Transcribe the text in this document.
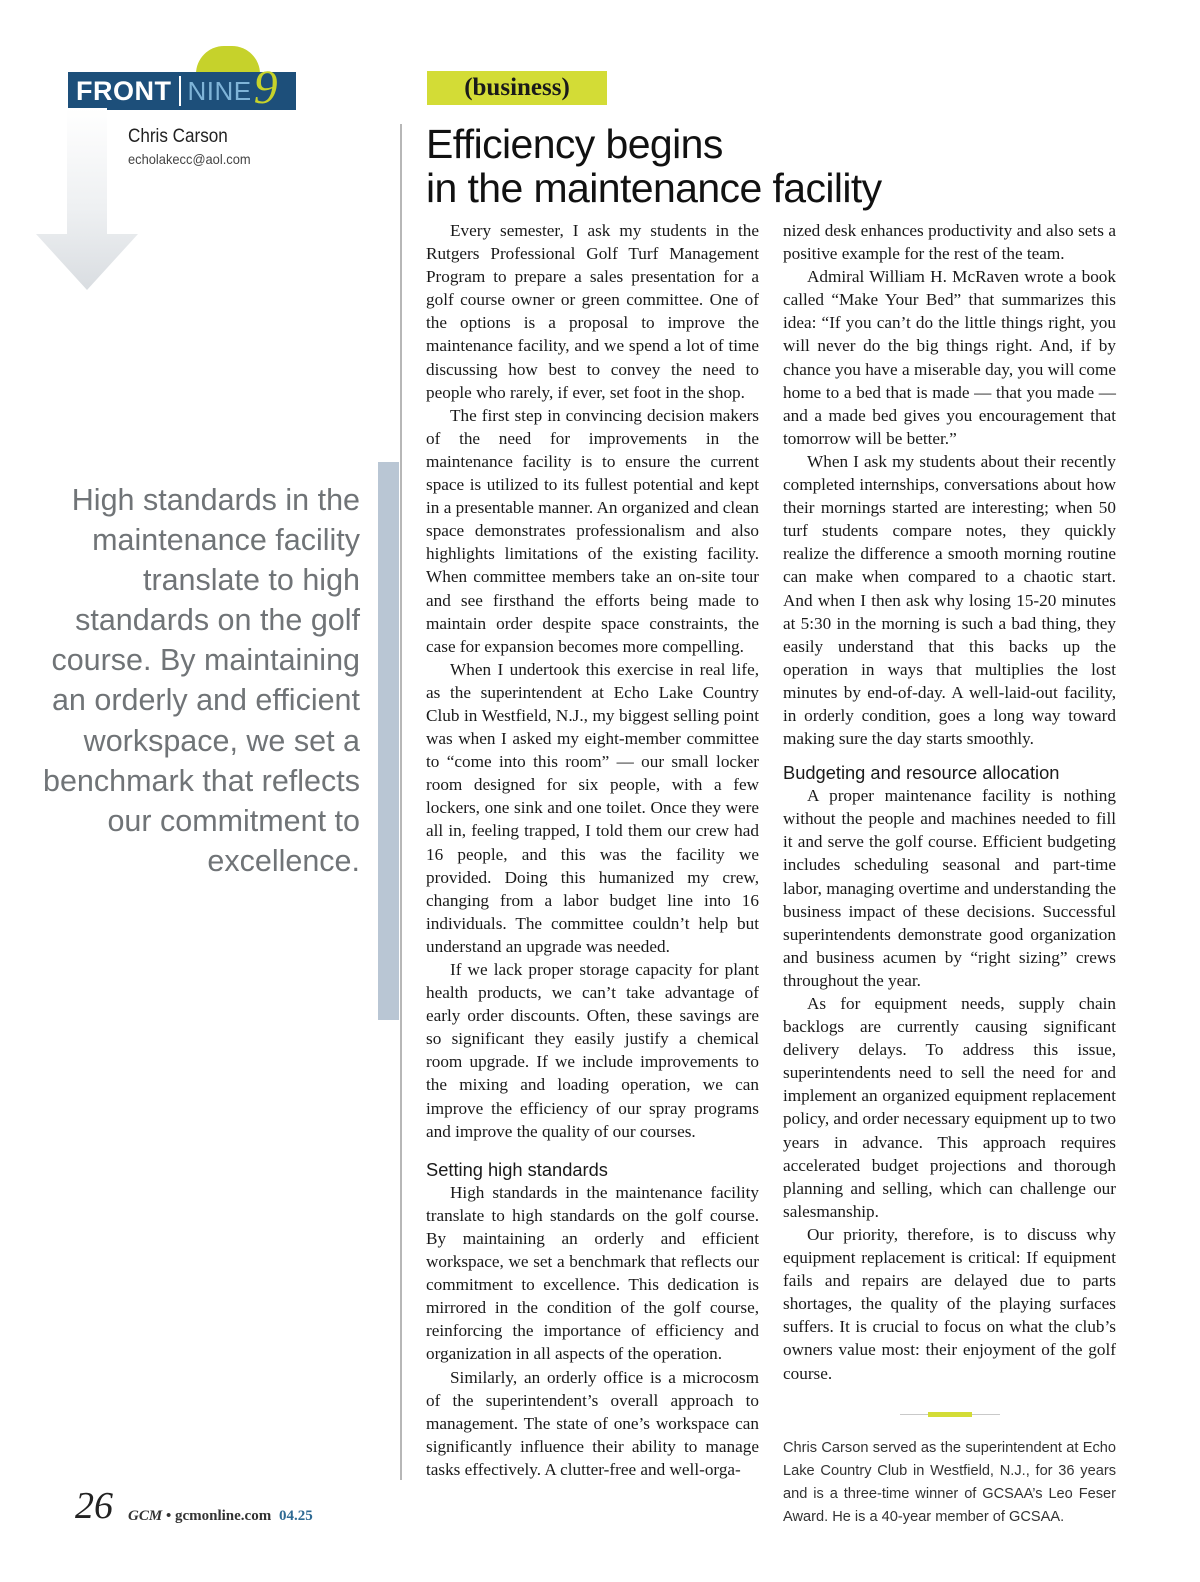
FRONT NINE 9
Chris Carson
echolakecc@aol.com
High standards in the maintenance facility translate to high standards on the golf course. By maintaining an orderly and efficient workspace, we set a benchmark that reflects our commitment to excellence.
(business)
Efficiency begins
in the maintenance facility

Every semester, I ask my students in the Rutgers Professional Golf Turf Management Program to prepare a sales presentation for a golf course owner or green committee. One of the options is a proposal to improve the maintenance facility, and we spend a lot of time discussing how best to convey the need to people who rarely, if ever, set foot in the shop.

The first step in convincing decision makers of the need for improvements in the maintenance facility is to ensure the current space is utilized to its fullest potential and kept in a presentable manner. An organized and clean space demonstrates professionalism and also highlights limitations of the existing facility. When committee members take an on-site tour and see firsthand the efforts being made to maintain order despite space constraints, the case for expansion becomes more compelling.

When I undertook this exercise in real life, as the superintendent at Echo Lake Country Club in Westfield, N.J., my biggest selling point was when I asked my eight-member committee to “come into this room” — our small locker room designed for six people, with a few lockers, one sink and one toilet. Once they were all in, feeling trapped, I told them our crew had 16 people, and this was the facility we provided. Doing this humanized my crew, changing from a labor budget line into 16 individuals. The committee couldn’t help but understand an upgrade was needed.

If we lack proper storage capacity for plant health products, we can’t take advantage of early order discounts. Often, these savings are so significant they easily justify a chemical room upgrade. If we include improvements to the mixing and loading operation, we can improve the efficiency of our spray programs and improve the quality of our courses.

Setting high standards

High standards in the maintenance facility translate to high standards on the golf course. By maintaining an orderly and efficient workspace, we set a benchmark that reflects our commitment to excellence. This dedication is mirrored in the condition of the golf course, reinforcing the importance of efficiency and organization in all aspects of the operation.

Similarly, an orderly office is a microcosm of the superintendent’s overall approach to management. The state of one’s workspace can significantly influence their ability to manage tasks effectively. A clutter-free and well-orga-

nized desk enhances productivity and also sets a positive example for the rest of the team.

Admiral William H. McRaven wrote a book called “Make Your Bed” that summarizes this idea: “If you can’t do the little things right, you will never do the big things right. And, if by chance you have a miserable day, you will come home to a bed that is made — that you made — and a made bed gives you encouragement that tomorrow will be better.”

When I ask my students about their recently completed internships, conversations about how their mornings started are interesting; when 50 turf students compare notes, they quickly realize the difference a smooth morning routine can make when compared to a chaotic start. And when I then ask why losing 15-20 minutes at 5:30 in the morning is such a bad thing, they easily understand that this backs up the operation in ways that multiplies the lost minutes by end-of-day. A well-laid-out facility, in orderly condition, goes a long way toward making sure the day starts smoothly.

Budgeting and resource allocation

A proper maintenance facility is nothing without the people and machines needed to fill it and serve the golf course. Efficient budgeting includes scheduling seasonal and part-time labor, managing overtime and understanding the business impact of these decisions. Successful superintendents demonstrate good organization and business acumen by “right sizing” crews throughout the year.

As for equipment needs, supply chain backlogs are currently causing significant delivery delays. To address this issue, superintendents need to sell the need for and implement an organized equipment replacement policy, and order necessary equipment up to two years in advance. This approach requires accelerated budget projections and thorough planning and selling, which can challenge our salesmanship.

Our priority, therefore, is to discuss why equipment replacement is critical: If equipment fails and repairs are delayed due to parts shortages, the quality of the playing surfaces suffers. It is crucial to focus on what the club’s owners value most: their enjoyment of the golf course.

Chris Carson served as the superintendent at Echo Lake Country Club in Westfield, N.J., for 36 years and is a three-time winner of GCSAA’s Leo Feser Award. He is a 40-year member of GCSAA.
26 GCM • gcmonline.com 04.25
